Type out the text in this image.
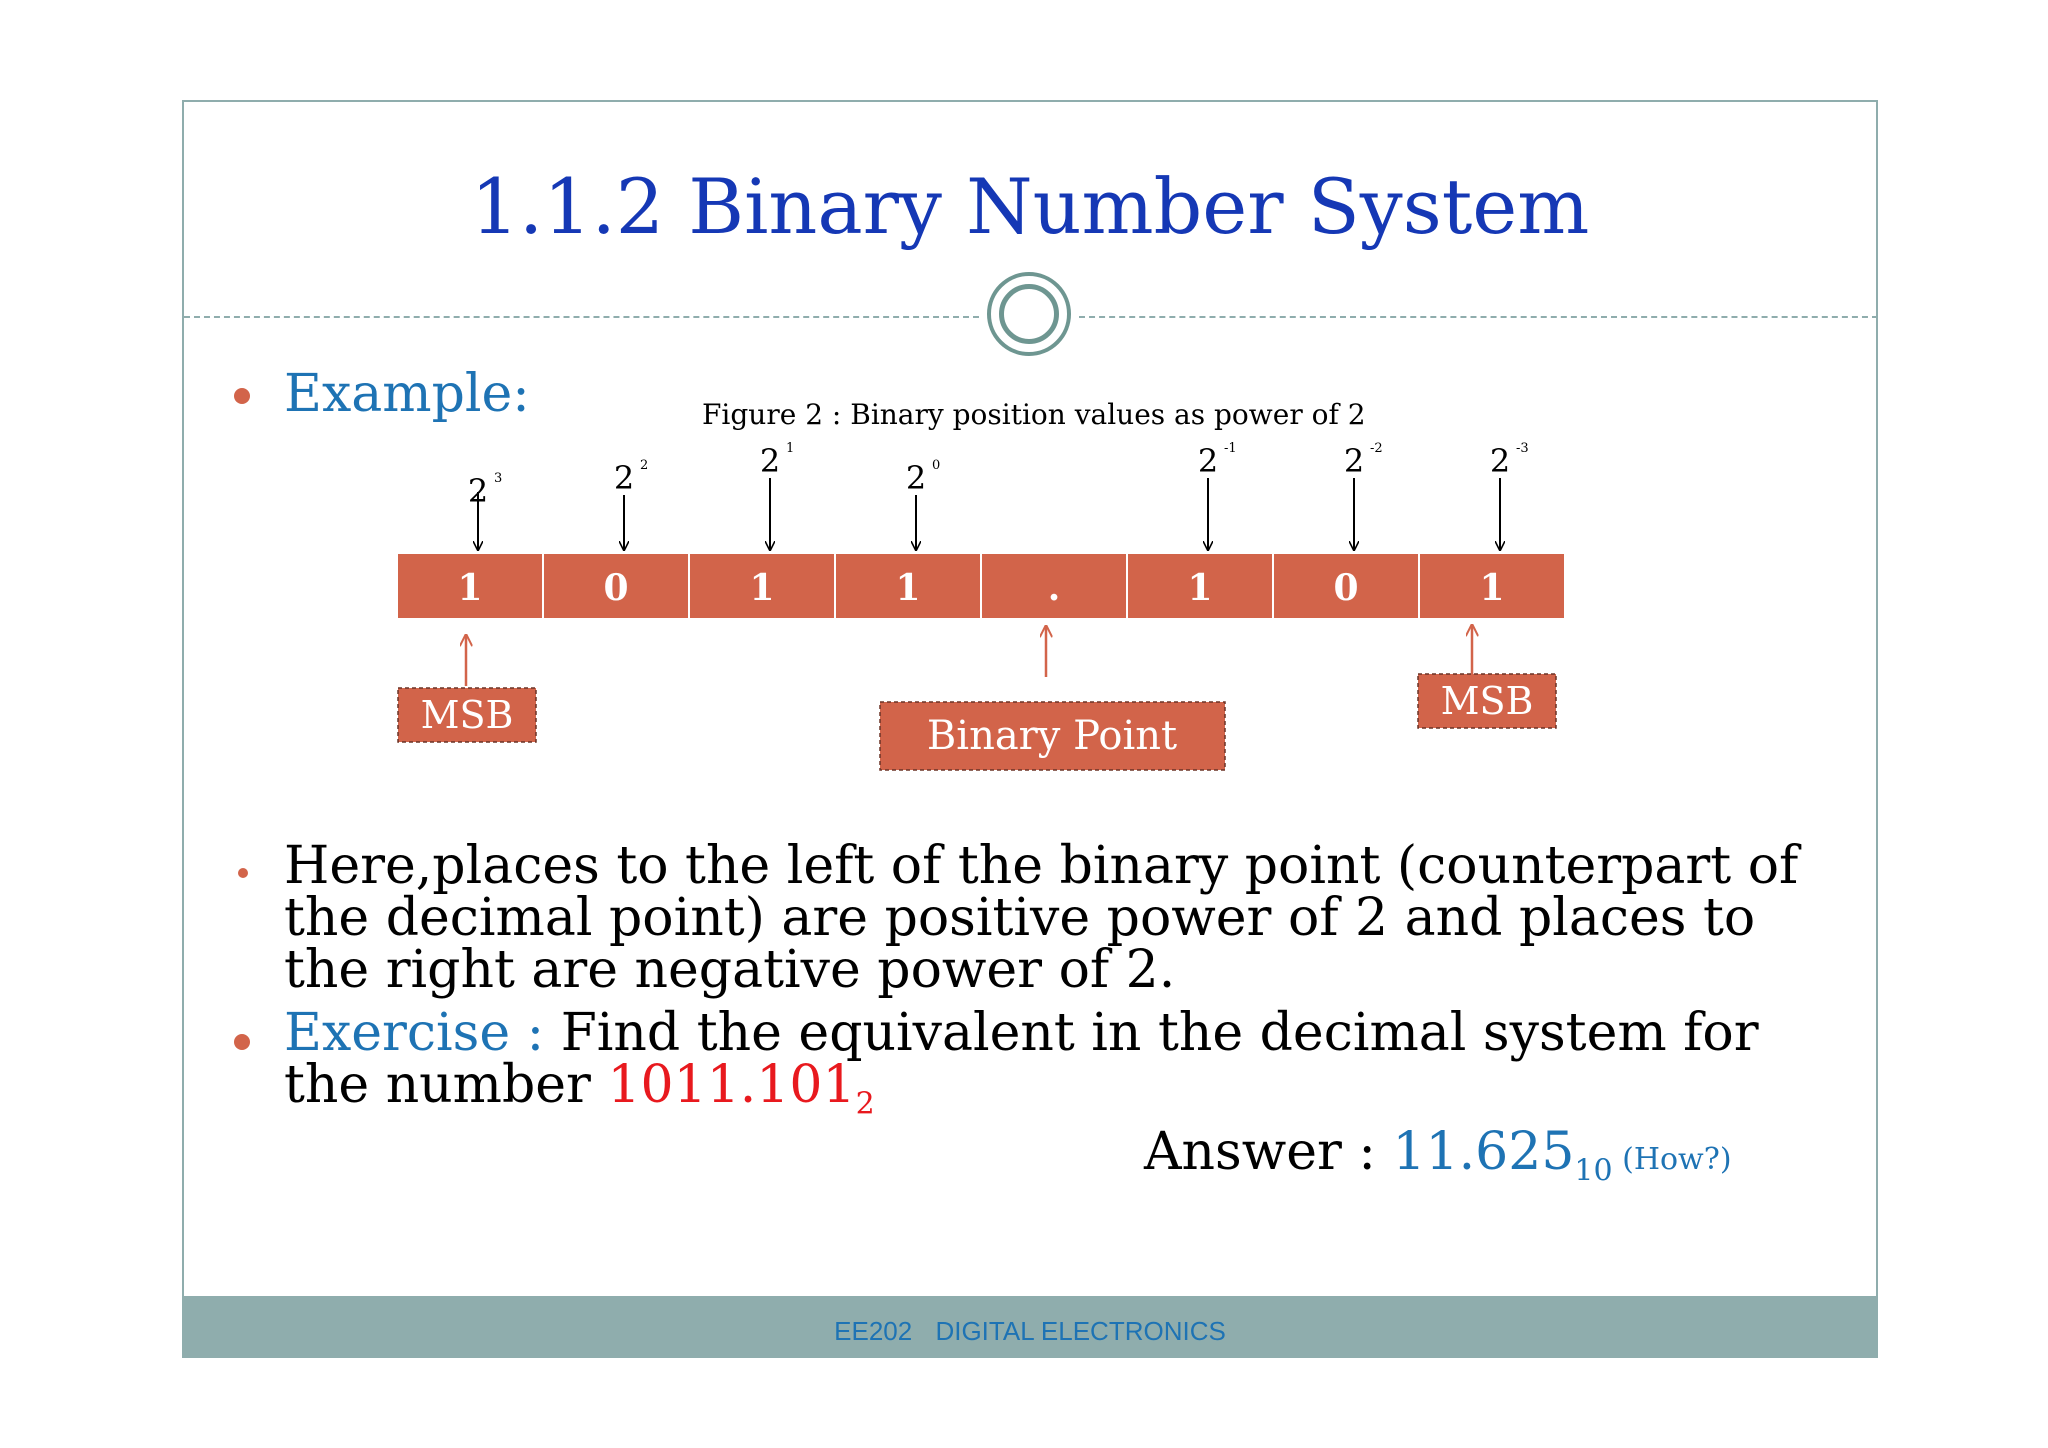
1.1.2 Binary Number System
Example:	Figure 2 : Binary position values as power of 2
2 3	2 2	2 1
2 0	2 -1	2 -2	2 -3
1	0	1	1	.	1	0	1
MSB	Binary Point
MSB
Here,places to the left of the binary point (counterpart of the decimal point) are positive power of 2 and places to the right are negative power of 2.
Exercise : Find the equivalent in the decimal system for the number $1011.101_2$
Answer : $11.625_{10}$ (How?)
EE202 DIGITAL ELECTRONICS
